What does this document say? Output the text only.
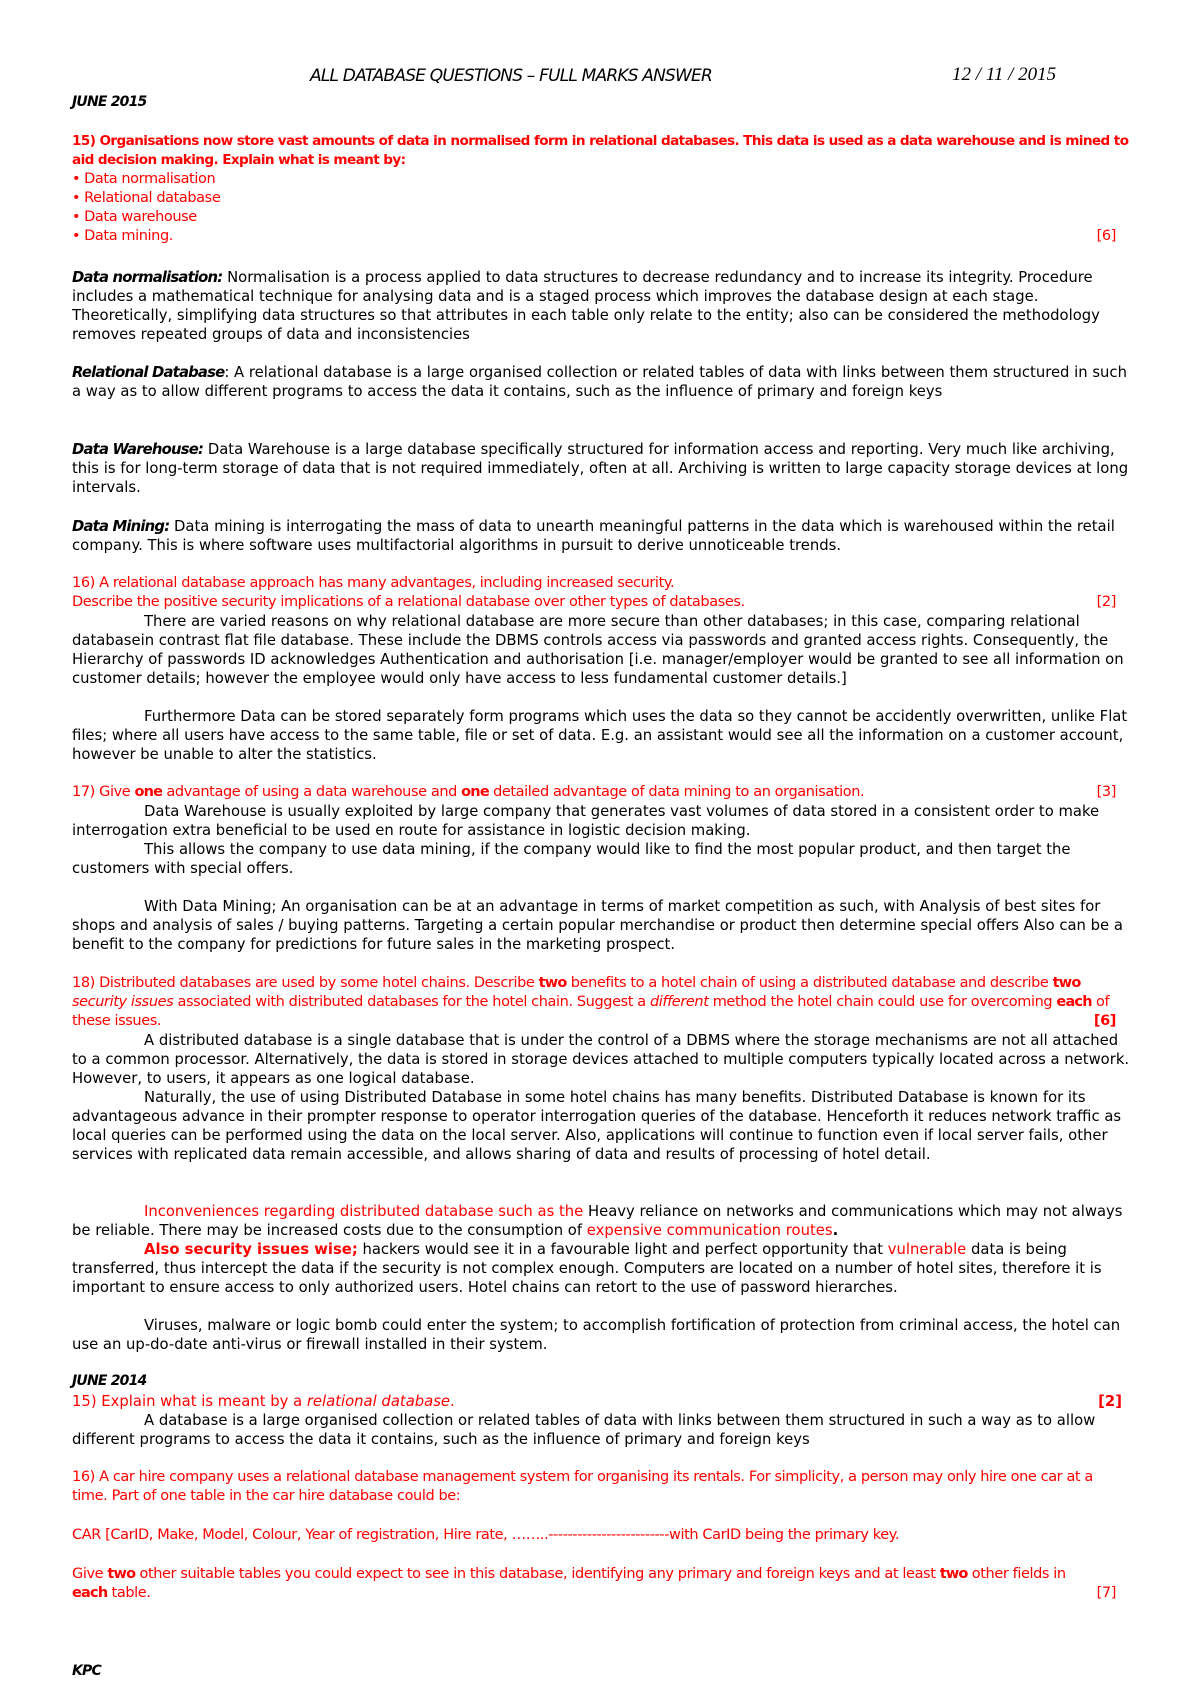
ALL DATABASE QUESTIONS – FULL MARKS ANSWER	12 / 11 / 2015
JUNE 2015
15) Organisations now store vast amounts of data in normalised form in relational databases. This data is used as a data warehouse and is mined to aid decision making. Explain what is meant by:
• Data normalisation
• Relational database
• Data warehouse
• Data mining.	[6]
Data normalisation: Normalisation is a process applied to data structures to decrease redundancy and to increase its integrity. Procedure includes a mathematical technique for analysing data and is a staged process which improves the database design at each stage. Theoretically, simplifying data structures so that attributes in each table only relate to the entity; also can be considered the methodology removes repeated groups of data and inconsistencies
Relational Database: A relational database is a large organised collection or related tables of data with links between them structured in such a way as to allow different programs to access the data it contains, such as the influence of primary and foreign keys
Data Warehouse: Data Warehouse is a large database specifically structured for information access and reporting. Very much like archiving, this is for long-term storage of data that is not required immediately, often at all. Archiving is written to large capacity storage devices at long intervals.
Data Mining: Data mining is interrogating the mass of data to unearth meaningful patterns in the data which is warehoused within the retail company. This is where software uses multifactorial algorithms in pursuit to derive unnoticeable trends.
16) A relational database approach has many advantages, including increased security.
Describe the positive security implications of a relational database over other types of databases.	[2]
There are varied reasons on why relational database are more secure than other databases; in this case, comparing relational databasein contrast flat file database. These include the DBMS controls access via passwords and granted access rights. Consequently, the Hierarchy of passwords ID acknowledges Authentication and authorisation [i.e. manager/employer would be granted to see all information on customer details; however the employee would only have access to less fundamental customer details.]
Furthermore Data can be stored separately form programs which uses the data so they cannot be accidently overwritten, unlike Flat files; where all users have access to the same table, file or set of data. E.g. an assistant would see all the information on a customer account, however be unable to alter the statistics.
17) Give one advantage of using a data warehouse and one detailed advantage of data mining to an organisation.	[3]
Data Warehouse is usually exploited by large company that generates vast volumes of data stored in a consistent order to make interrogation extra beneficial to be used en route for assistance in logistic decision making.
This allows the company to use data mining, if the company would like to find the most popular product, and then target the customers with special offers.
With Data Mining; An organisation can be at an advantage in terms of market competition as such, with Analysis of best sites for shops and analysis of sales / buying patterns. Targeting a certain popular merchandise or product then determine special offers Also can be a benefit to the company for predictions for future sales in the marketing prospect.
18) Distributed databases are used by some hotel chains. Describe two benefits to a hotel chain of using a distributed database and describe two security issues associated with distributed databases for the hotel chain. Suggest a different method the hotel chain could use for overcoming each of these issues.	[6]
A distributed database is a single database that is under the control of a DBMS where the storage mechanisms are not all attached to a common processor. Alternatively, the data is stored in storage devices attached to multiple computers typically located across a network. However, to users, it appears as one logical database.
Naturally, the use of using Distributed Database in some hotel chains has many benefits. Distributed Database is known for its advantageous advance in their prompter response to operator interrogation queries of the database. Henceforth it reduces network traffic as local queries can be performed using the data on the local server. Also, applications will continue to function even if local server fails, other services with replicated data remain accessible, and allows sharing of data and results of processing of hotel detail.
Inconveniences regarding distributed database such as the Heavy reliance on networks and communications which may not always be reliable. There may be increased costs due to the consumption of expensive communication routes.
Also security issues wise; hackers would see it in a favourable light and perfect opportunity that vulnerable data is being transferred, thus intercept the data if the security is not complex enough. Computers are located on a number of hotel sites, therefore it is important to ensure access to only authorized users. Hotel chains can retort to the use of password hierarches.
Viruses, malware or logic bomb could enter the system; to accomplish fortification of protection from criminal access, the hotel can use an up-do-date anti-virus or firewall installed in their system.
JUNE 2014
15) Explain what is meant by a relational database.	[2]
A database is a large organised collection or related tables of data with links between them structured in such a way as to allow different programs to access the data it contains, such as the influence of primary and foreign keys
16) A car hire company uses a relational database management system for organising its rentals. For simplicity, a person may only hire one car at a time. Part of one table in the car hire database could be:
CAR [CarID, Make, Model, Colour, Year of registration, Hire rate, ……..-------------------------with CarID being the primary key.
Give two other suitable tables you could expect to see in this database, identifying any primary and foreign keys and at least two other fields in each table.	[7]
KPC
